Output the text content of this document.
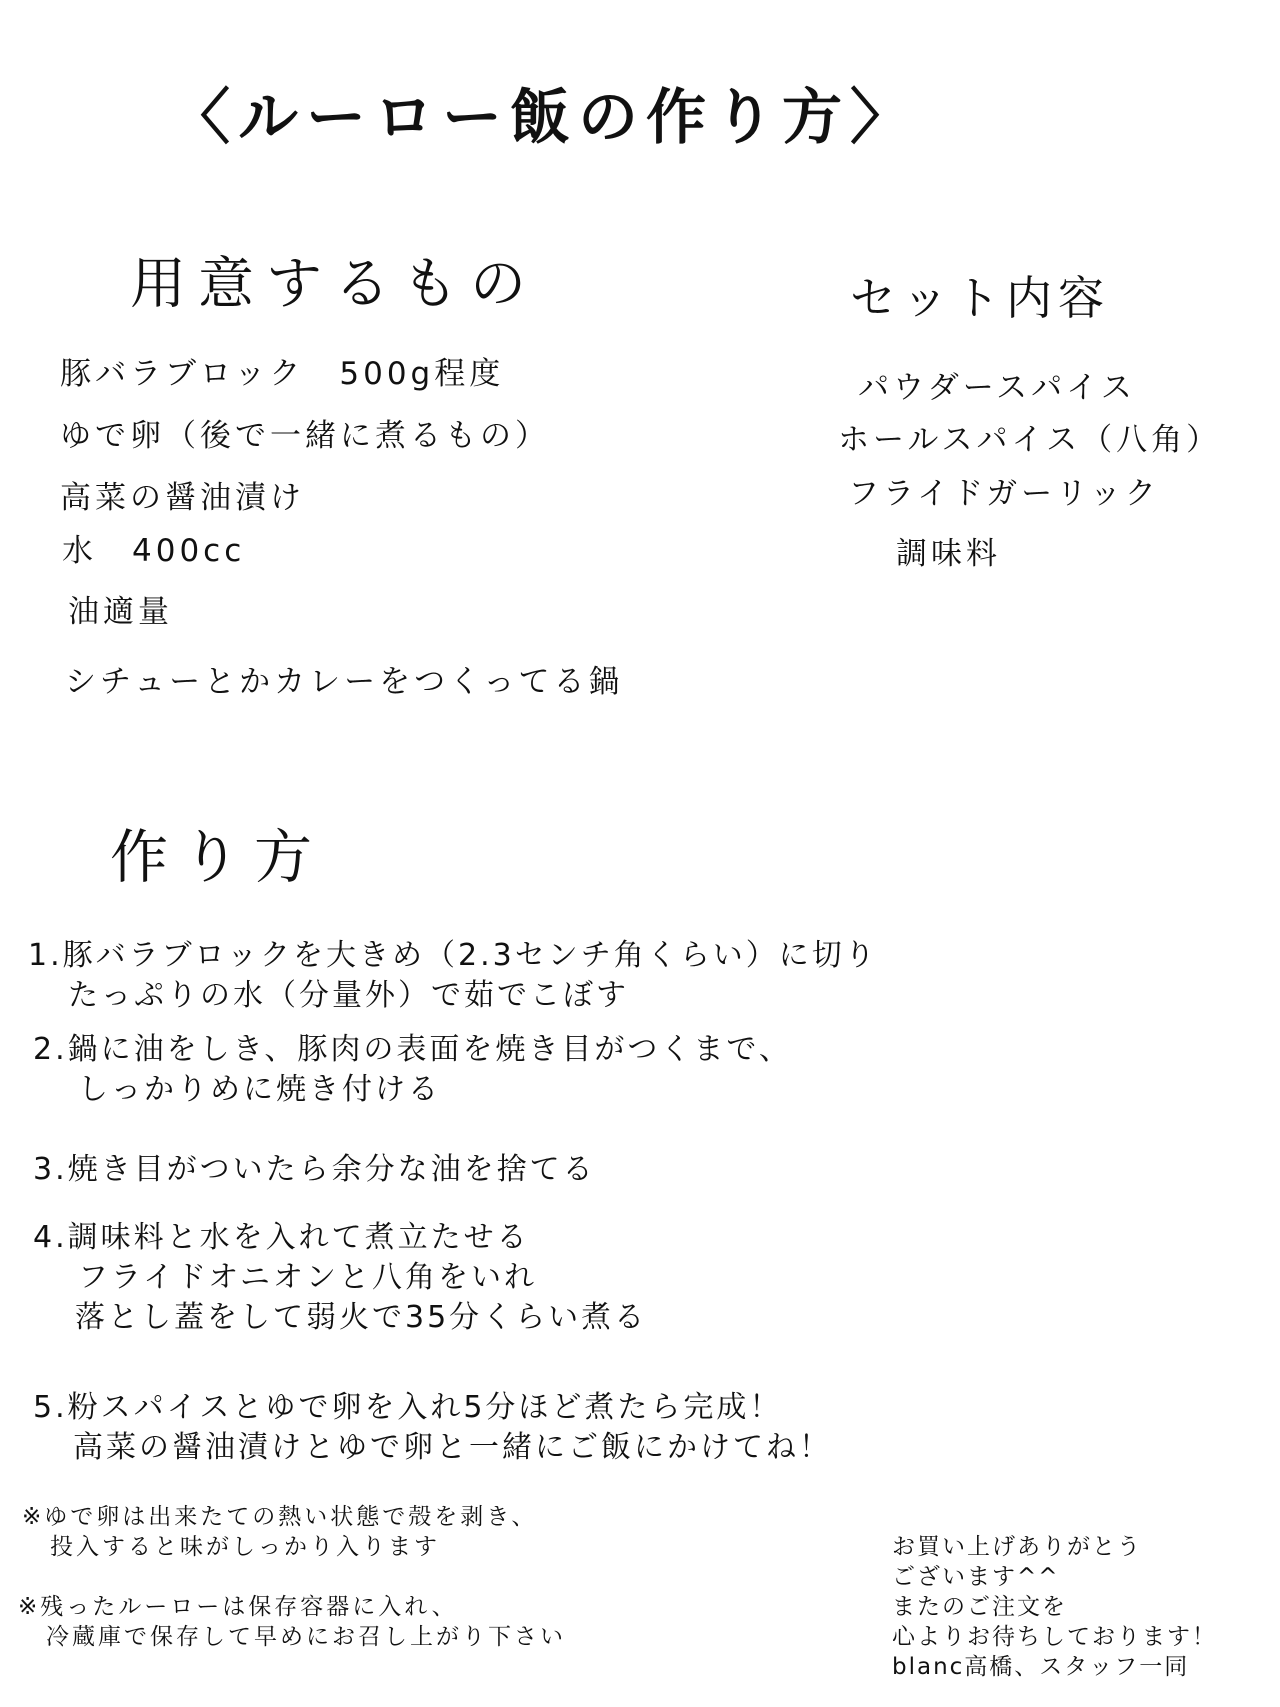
〈ルーロー飯の作り方〉
用意するもの
豚バラブロック　500g程度
ゆで卵（後で一緒に煮るもの）
高菜の醤油漬け
水　400cc
油適量
シチューとかカレーをつくってる鍋
セット内容
パウダースパイス
ホールスパイス（八角）
フライドガーリック
調味料
作り方
1.豚バラブロックを大きめ（2.3センチ角くらい）に切り
たっぷりの水（分量外）で茹でこぼす
2.鍋に油をしき、豚肉の表面を焼き目がつくまで、
しっかりめに焼き付ける
3.焼き目がついたら余分な油を捨てる
4.調味料と水を入れて煮立たせる
フライドオニオンと八角をいれ
落とし蓋をして弱火で35分くらい煮る
5.粉スパイスとゆで卵を入れ5分ほど煮たら完成！
高菜の醤油漬けとゆで卵と一緒にご飯にかけてね！
※ゆで卵は出来たての熱い状態で殻を剥き、
投入すると味がしっかり入ります
※残ったルーローは保存容器に入れ、
冷蔵庫で保存して早めにお召し上がり下さい
お買い上げありがとう
ございます^^
またのご注文を
心よりお待ちしております！
blanc高橋、スタッフ一同
